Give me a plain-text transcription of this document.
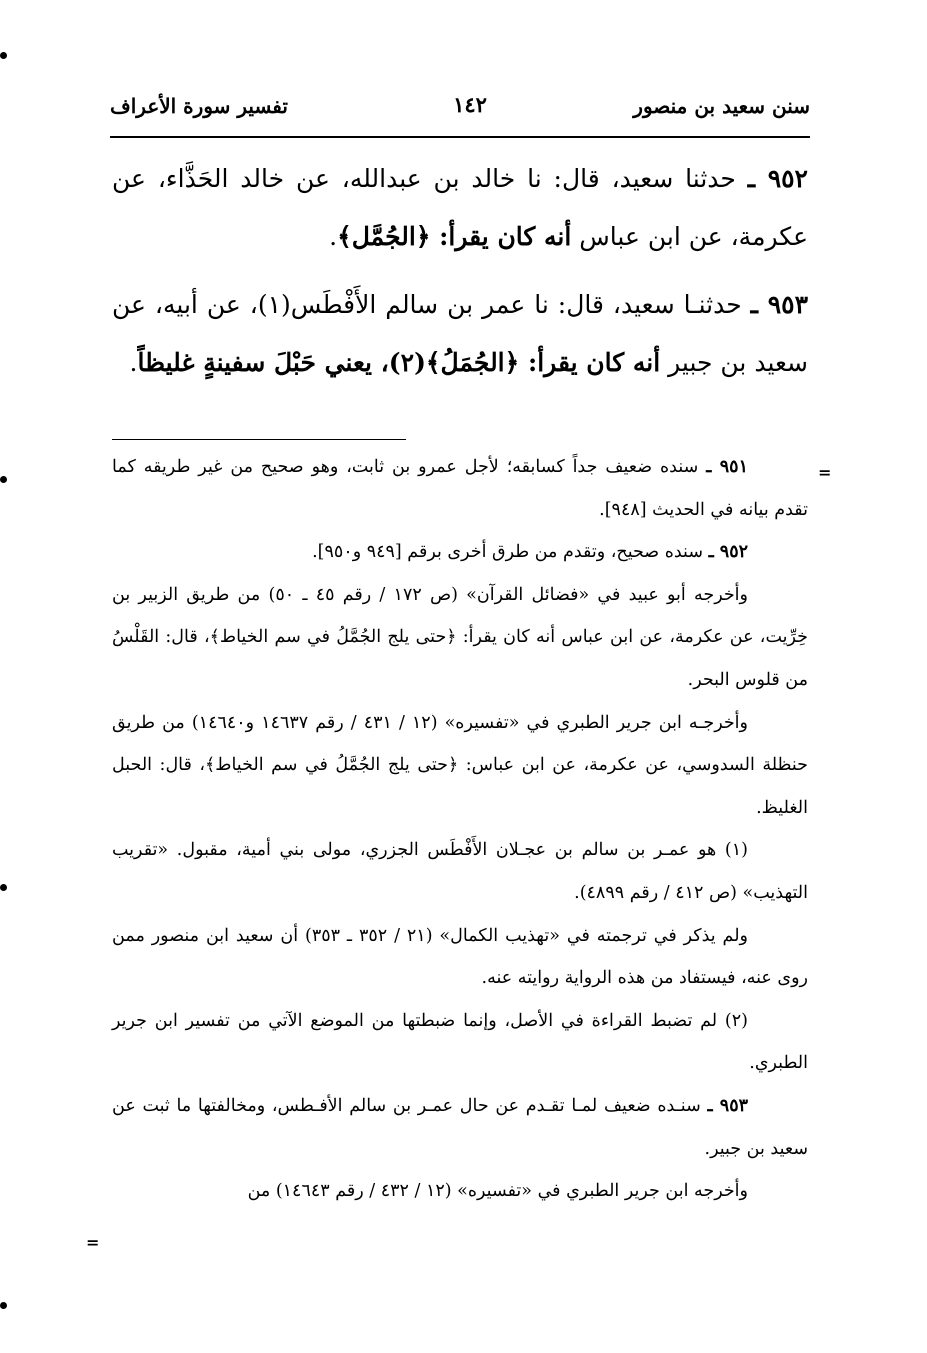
سنن سعيد بن منصور
١٤٢
تفسير سورة الأعراف

٩٥٢ ـ حدثنا سعيد، قال: نا خالد بن عبدالله، عن خالد الحَذَّاء، عن عكرمة، عن ابن عباس أنه كان يقرأ: ﴿الجُمَّل﴾.

٩٥٣ ـ حدثنـا سعيد، قال: نا عمر بن سالم الأَفْطَس(١)، عن أبيه، عن سعيد بن جبير أنه كان يقرأ: ﴿الجُمَلُ﴾(٢)، يعني حَبْلَ سفينةٍ غليظاً.

=

٩٥١ ـ سنده ضعيف جداً كسابقه؛ لأجل عمرو بن ثابت، وهو صحيح من غير طريقه كما تقدم بيانه في الحديث [٩٤٨].

٩٥٢ ـ سنده صحيح، وتقدم من طرق أخرى برقم [٩٤٩ و٩٥٠].

وأخرجه أبو عبيد في «فضائل القرآن» (ص ١٧٢ / رقم ٤٥ ـ ٥٠) من طريق الزبير بن خِرِّيت، عن عكرمة، عن ابن عباس أنه كان يقرأ: ﴿حتى يلج الجُمَّلُ في سم الخياط﴾، قال: القَلْسُ من قلوس البحر.

وأخرجـه ابن جرير الطبري في «تفسيره» (١٢ / ٤٣١ / رقم ١٤٦٣٧ و١٤٦٤٠) من طريق حنظلة السدوسي، عن عكرمة، عن ابن عباس: ﴿حتى يلج الجُمَّلُ في سم الخياط﴾، قال: الحبل الغليظ.

(١) هو عمـر بن سالم بن عجـلان الأَفْطَس الجزري، مولى بني أمية، مقبول. «تقريب التهذيب» (ص ٤١٢ / رقم ٤٨٩٩).

ولم يذكر في ترجمته في «تهذيب الكمال» (٢١ / ٣٥٢ ـ ٣٥٣) أن سعيد ابن منصور ممن روى عنه، فيستفاد من هذه الرواية روايته عنه.

(٢) لم تضبط القراءة في الأصل، وإنما ضبطتها من الموضع الآتي من تفسير ابن جرير الطبري.

٩٥٣ ـ سنـده ضعيف لمـا تقـدم عن حال عمـر بن سالم الأفـطس، ومخالفتها ما ثبت عن سعيد بن جبير.

وأخرجه ابن جرير الطبري في «تفسيره» (١٢ / ٤٣٢ / رقم ١٤٦٤٣) من

=
